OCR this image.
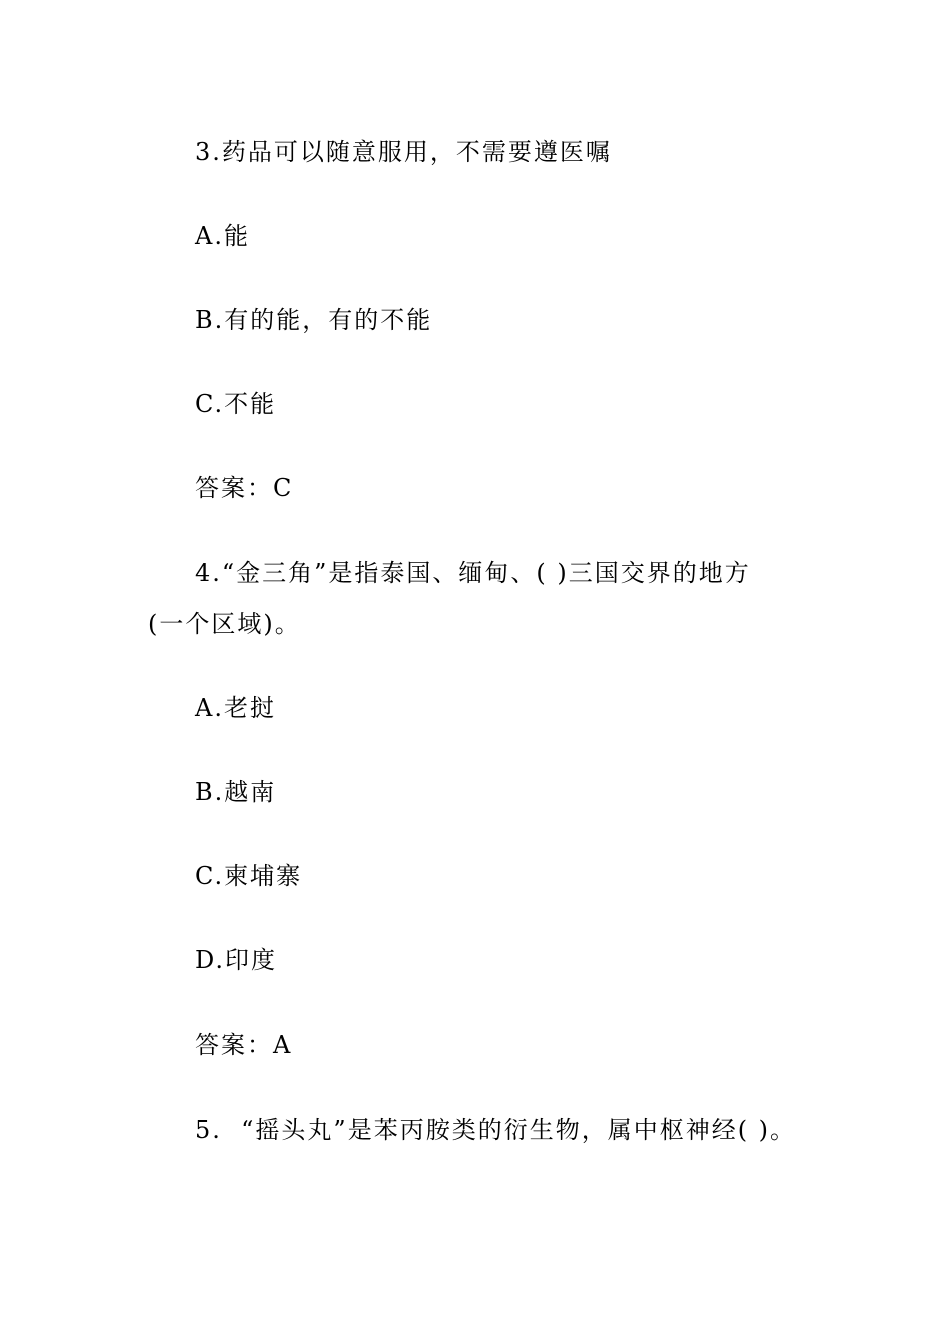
3.药品可以随意服用，不需要遵医嘱
A.能
B.有的能，有的不能
C.不能
答案：C
4.“金三角”是指泰国、缅甸、( )三国交界的地方
(一个区域)。
A.老挝
B.越南
C.柬埔寨
D.印度
答案：A
5.  “摇头丸”是苯丙胺类的衍生物，属中枢神经( )。
